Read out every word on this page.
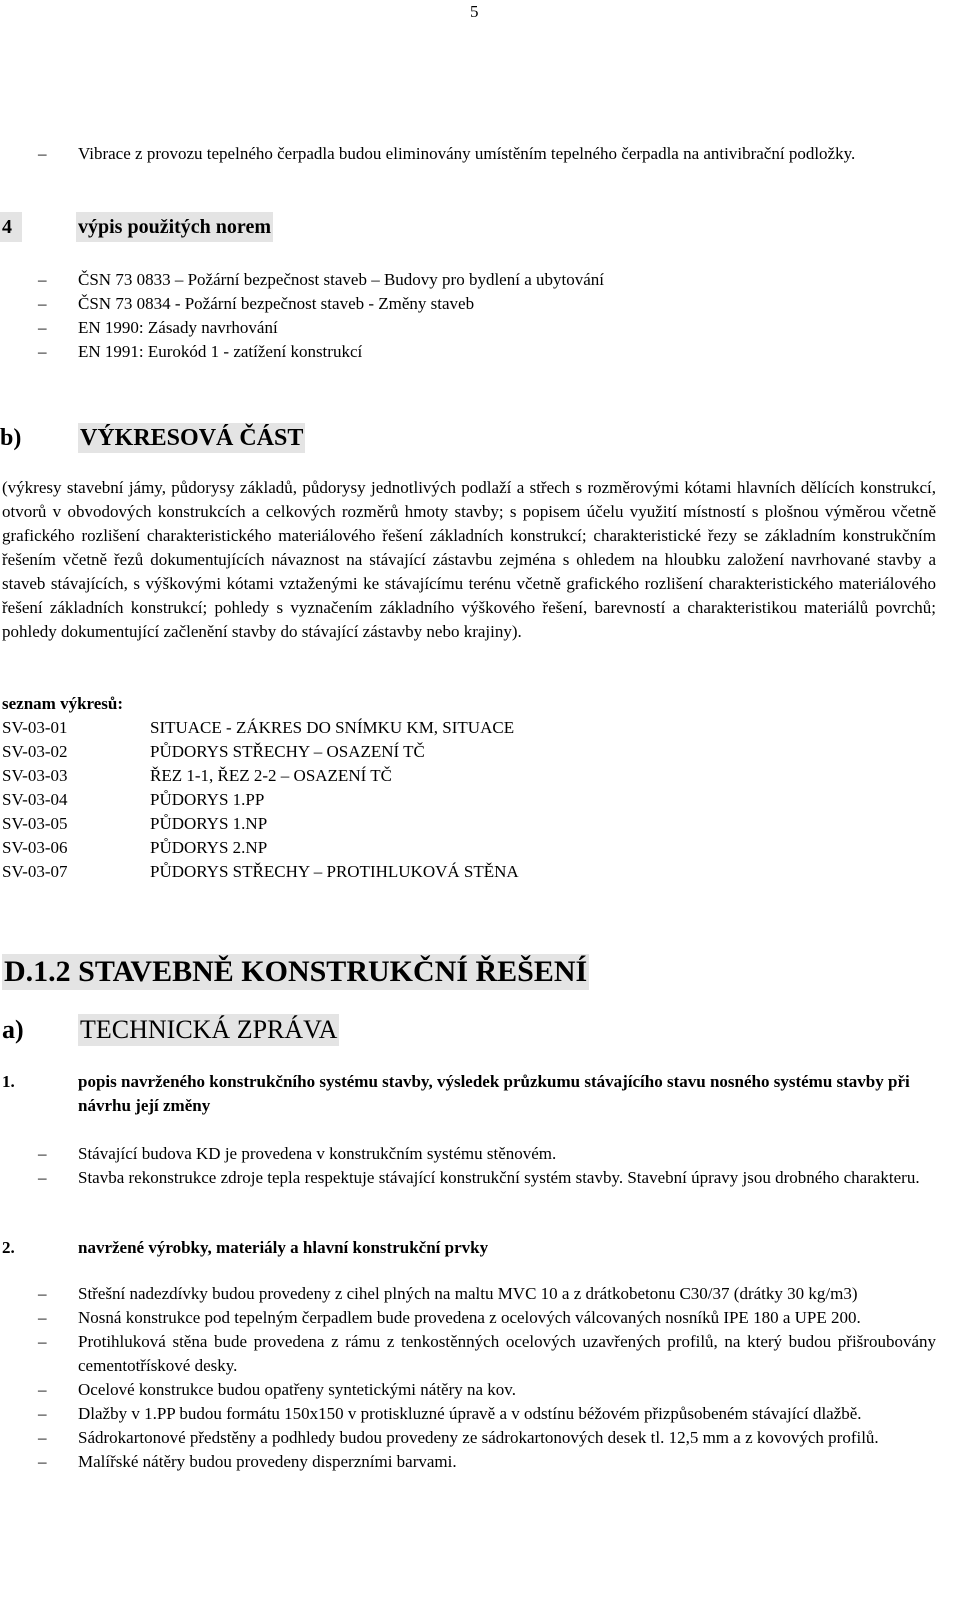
5
– Vibrace z provozu tepelného čerpadla budou eliminovány umístěním tepelného čerpadla na antivibrační podložky.
4	výpis použitých norem
– ČSN 73 0833 – Požární bezpečnost staveb – Budovy pro bydlení a ubytování
– ČSN 73 0834 - Požární bezpečnost staveb - Změny staveb
– EN 1990: Zásady navrhování
– EN 1991: Eurokód 1 - zatížení konstrukcí
b)	VÝKRESOVÁ ČÁST
(výkresy stavební jámy, půdorysy základů, půdorysy jednotlivých podlaží a střech s rozměrovými kótami hlavních dělících konstrukcí, otvorů v obvodových konstrukcích a celkových rozměrů hmoty stavby; s popisem účelu využití místností s plošnou výměrou včetně grafického rozlišení charakteristického materiálového řešení základních konstrukcí; charakteristické řezy se základním konstrukčním řešením včetně řezů dokumentujících návaznost na stávající zástavbu zejména s ohledem na hloubku založení navrhované stavby a staveb stávajících, s výškovými kótami vztaženými ke stávajícímu terénu včetně grafického rozlišení charakteristického materiálového řešení základních konstrukcí; pohledy s vyznačením základního výškového řešení, barevností a charakteristikou materiálů povrchů; pohledy dokumentující začlenění stavby do stávající zástavby nebo krajiny).
seznam výkresů:
SV-03-01	SITUACE - ZÁKRES DO SNÍMKU KM, SITUACE
SV-03-02	PŮDORYS STŘECHY – OSAZENÍ TČ
SV-03-03	ŘEZ 1-1, ŘEZ 2-2 – OSAZENÍ TČ
SV-03-04	PŮDORYS 1.PP
SV-03-05	PŮDORYS 1.NP
SV-03-06	PŮDORYS 2.NP
SV-03-07	PŮDORYS STŘECHY – PROTIHLUKOVÁ STĚNA
D.1.2 STAVEBNĚ KONSTRUKČNÍ ŘEŠENÍ
a)	TECHNICKÁ ZPRÁVA
1.	popis navrženého konstrukčního systému stavby, výsledek průzkumu stávajícího stavu nosného systému stavby při návrhu její změny
– Stávající budova KD je provedena v konstrukčním systému stěnovém.
– Stavba rekonstrukce zdroje tepla respektuje stávající konstrukční systém stavby. Stavební úpravy jsou drobného charakteru.
2.	navržené výrobky, materiály a hlavní konstrukční prvky
– Střešní nadezdívky budou provedeny z cihel plných na maltu MVC 10 a z drátkobetonu C30/37 (drátky 30 kg/m3)
– Nosná konstrukce pod tepelným čerpadlem bude provedena z ocelových válcovaných nosníků IPE 180 a UPE 200.
– Protihluková stěna bude provedena z rámu z tenkostěnných ocelových uzavřených profilů, na který budou přišroubovány cementotřískové desky.
– Ocelové konstrukce budou opatřeny syntetickými nátěry na kov.
– Dlažby v 1.PP budou formátu 150x150 v protiskluzné úpravě a v odstínu béžovém přizpůsobeném stávající dlažbě.
– Sádrokartonové předstěny a podhledy budou provedeny ze sádrokartonových desek tl. 12,5 mm a z kovových profilů.
– Malířské nátěry budou provedeny disperzními barvami.
